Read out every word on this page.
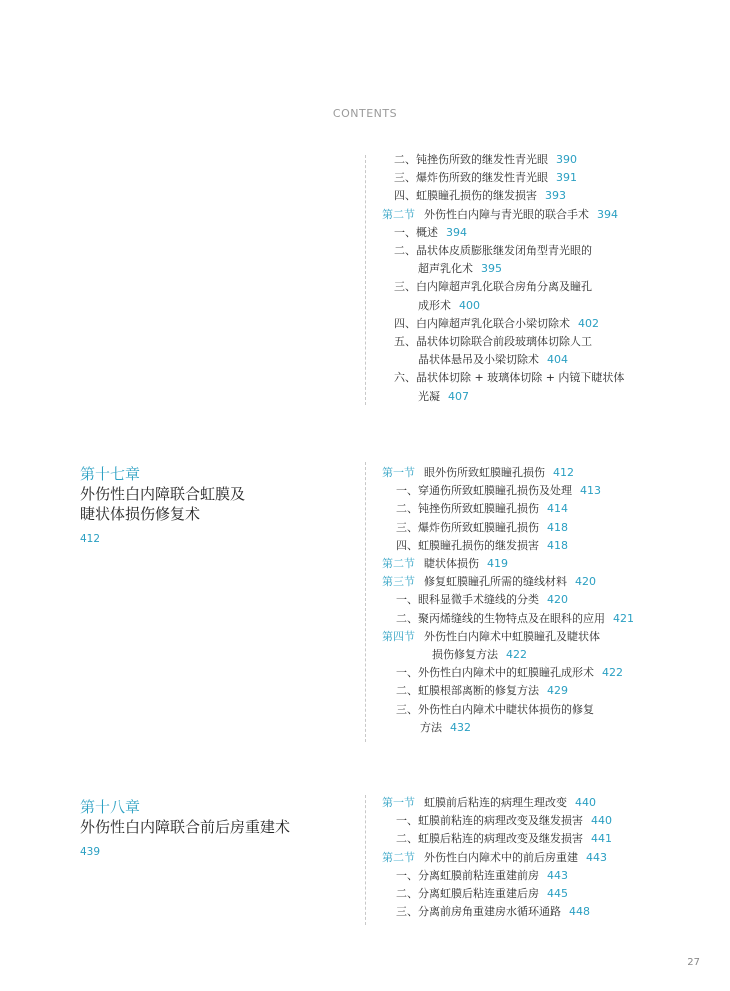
CONTENTS
二、钝挫伤所致的继发性青光眼 390
三、爆炸伤所致的继发性青光眼 391
四、虹膜瞳孔损伤的继发损害 393
第二节 外伤性白内障与青光眼的联合手术 394
一、概述 394
二、晶状体皮质膨胀继发闭角型青光眼的
超声乳化术 395
三、白内障超声乳化联合房角分离及瞳孔
成形术 400
四、白内障超声乳化联合小梁切除术 402
五、晶状体切除联合前段玻璃体切除人工
晶状体悬吊及小梁切除术 404
六、晶状体切除 + 玻璃体切除 + 内镜下睫状体
光凝 407
第十七章
外伤性白内障联合虹膜及
睫状体损伤修复术
412
第一节 眼外伤所致虹膜瞳孔损伤 412
一、穿通伤所致虹膜瞳孔损伤及处理 413
二、钝挫伤所致虹膜瞳孔损伤 414
三、爆炸伤所致虹膜瞳孔损伤 418
四、虹膜瞳孔损伤的继发损害 418
第二节 睫状体损伤 419
第三节 修复虹膜瞳孔所需的缝线材料 420
一、眼科显微手术缝线的分类 420
二、聚丙烯缝线的生物特点及在眼科的应用 421
第四节 外伤性白内障术中虹膜瞳孔及睫状体
损伤修复方法 422
一、外伤性白内障术中的虹膜瞳孔成形术 422
二、虹膜根部离断的修复方法 429
三、外伤性白内障术中睫状体损伤的修复
方法 432
第十八章
外伤性白内障联合前后房重建术
439
第一节 虹膜前后粘连的病理生理改变 440
一、虹膜前粘连的病理改变及继发损害 440
二、虹膜后粘连的病理改变及继发损害 441
第二节 外伤性白内障术中的前后房重建 443
一、分离虹膜前粘连重建前房 443
二、分离虹膜后粘连重建后房 445
三、分离前房角重建房水循环通路 448
27
